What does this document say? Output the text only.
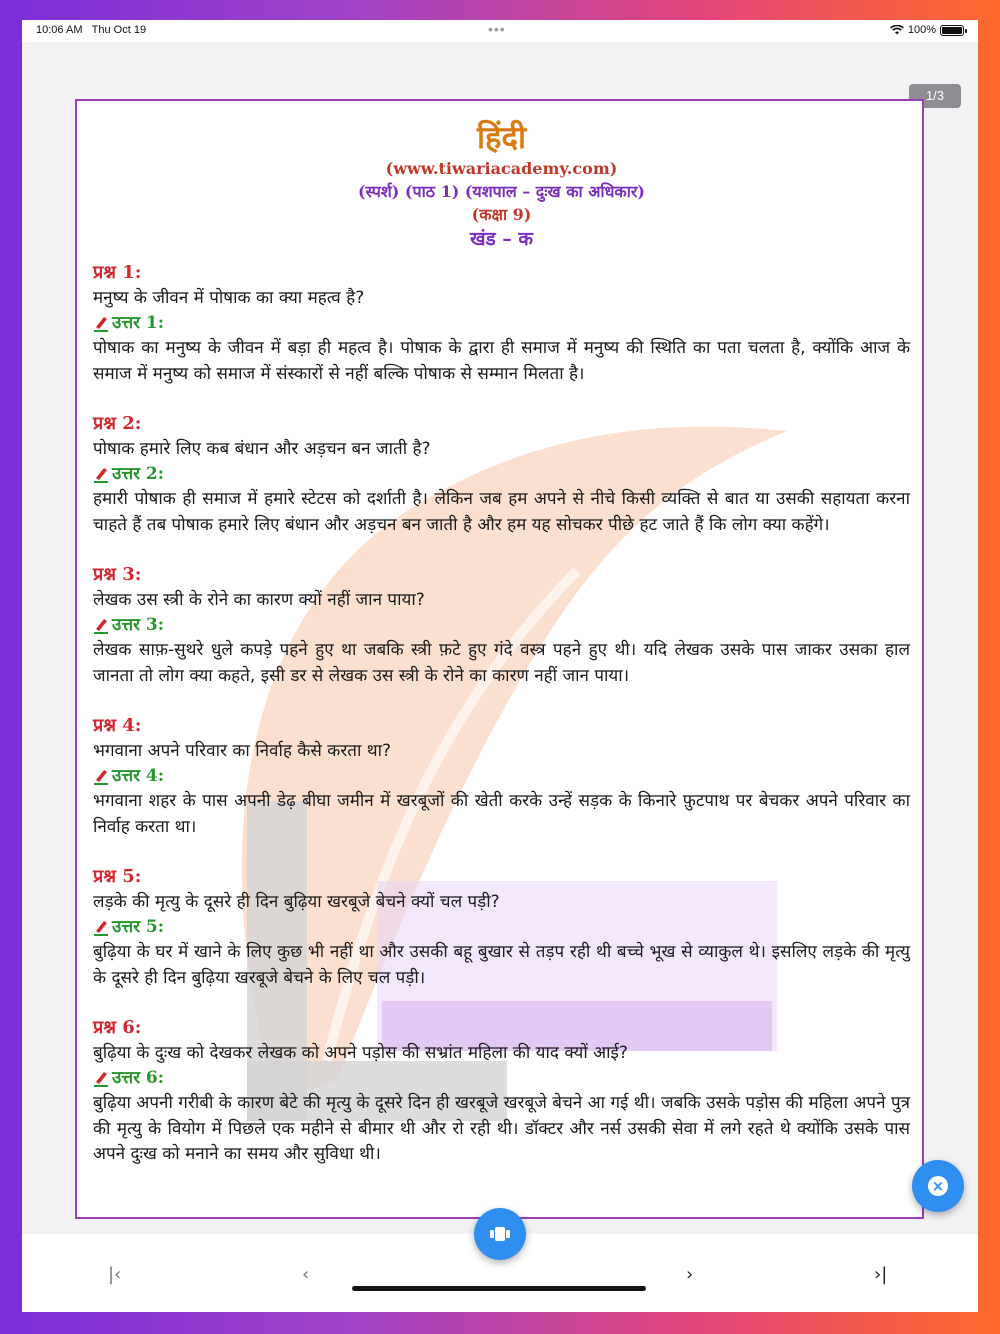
10:06 AM Thu Oct 19	•••	100%
1/3
हिंदी
(www.tiwariacademy.com)
(स्पर्श) (पाठ 1) (यशपाल – दुःख का अधिकार)
(कक्षा 9)
खंड – क
प्रश्न 1:
मनुष्य के जीवन में पोषाक का क्या महत्व है?
उत्तर 1:
पोषाक का मनुष्य के जीवन में बड़ा ही महत्व है। पोषाक के द्वारा ही समाज में मनुष्य की स्थिति का पता चलता है, क्योंकि आज के समाज में मनुष्य को समाज में संस्कारों से नहीं बल्कि पोषाक से सम्मान मिलता है।
प्रश्न 2:
पोषाक हमारे लिए कब बंधान और अड़चन बन जाती है?
उत्तर 2:
हमारी पोषाक ही समाज में हमारे स्टेटस को दर्शाती है। लेकिन जब हम अपने से नीचे किसी व्यक्ति से बात या उसकी सहायता करना चाहते हैं तब पोषाक हमारे लिए बंधान और अड़चन बन जाती है और हम यह सोचकर पीछे हट जाते हैं कि लोग क्या कहेंगे।
प्रश्न 3:
लेखक उस स्त्री के रोने का कारण क्यों नहीं जान पाया?
उत्तर 3:
लेखक साफ़-सुथरे धुले कपड़े पहने हुए था जबकि स्त्री फ़टे हुए गंदे वस्त्र पहने हुए थी। यदि लेखक उसके पास जाकर उसका हाल जानता तो लोग क्या कहते, इसी डर से लेखक उस स्त्री के रोने का कारण नहीं जान पाया।
प्रश्न 4:
भगवाना अपने परिवार का निर्वाह कैसे करता था?
उत्तर 4:
भगवाना शहर के पास अपनी डेढ़ बीघा जमीन में खरबूजों की खेती करके उन्हें सड़क के किनारे फ़ुटपाथ पर बेचकर अपने परिवार का निर्वाह करता था।
प्रश्न 5:
लड़के की मृत्यु के दूसरे ही दिन बुढ़िया खरबूजे बेचने क्यों चल पड़ी?
उत्तर 5:
बुढ़िया के घर में खाने के लिए कुछ भी नहीं था और उसकी बहू बुखार से तड़प रही थी बच्चे भूख से व्याकुल थे। इसलिए लड़के की मृत्यु के दूसरे ही दिन बुढ़िया खरबूजे बेचने के लिए चल पड़ी।
प्रश्न 6:
बुढ़िया के दुःख को देखकर लेखक को अपने पड़ोस की सभ्रांत महिला की याद क्यों आई?
उत्तर 6:
बुढ़िया अपनी गरीबी के कारण बेटे की मृत्यु के दूसरे दिन ही खरबूजे खरबूजे बेचने आ गई थी। जबकि उसके पड़ोस की महिला अपने पुत्र की मृत्यु के वियोग में पिछले एक महीने से बीमार थी और रो रही थी। डॉक्टर और नर्स उसकी सेवा में लगे रहते थे क्योंकि उसके पास अपने दुःख को मनाने का समय और सुविधा थी।
|‹	‹	›	›|
×
